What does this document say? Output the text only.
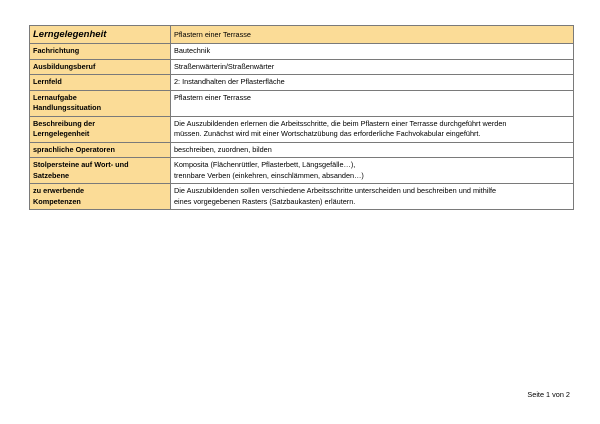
Lerngelegenheit	Pflastern einer Terrasse

Fachrichtung	Bautechnik

Ausbildungsberuf	Straßenwärterin/Straßenwärter

Lernfeld	2: Instandhalten der Pflasterfläche

Lernaufgabe
Handlungssituation	Pflastern einer Terrasse

Beschreibung der
Lerngelegenheit	Die Auszubildenden erlernen die Arbeitsschritte, die beim Pflastern einer Terrasse durchgeführt werden
müssen. Zunächst wird mit einer Wortschatzübung das erforderliche Fachvokabular eingeführt.

sprachliche Operatoren	beschreiben, zuordnen, bilden

Stolpersteine auf Wort- und
Satzebene	Komposita (Flächenrüttler, Pflasterbett, Längsgefälle…),
trennbare Verben (einkehren, einschlämmen, absanden…)

zu erwerbende
Kompetenzen	Die Auszubildenden sollen verschiedene Arbeitsschritte unterscheiden und beschreiben und mithilfe
eines vorgegebenen Rasters (Satzbaukasten) erläutern.
Seite 1 von 2
